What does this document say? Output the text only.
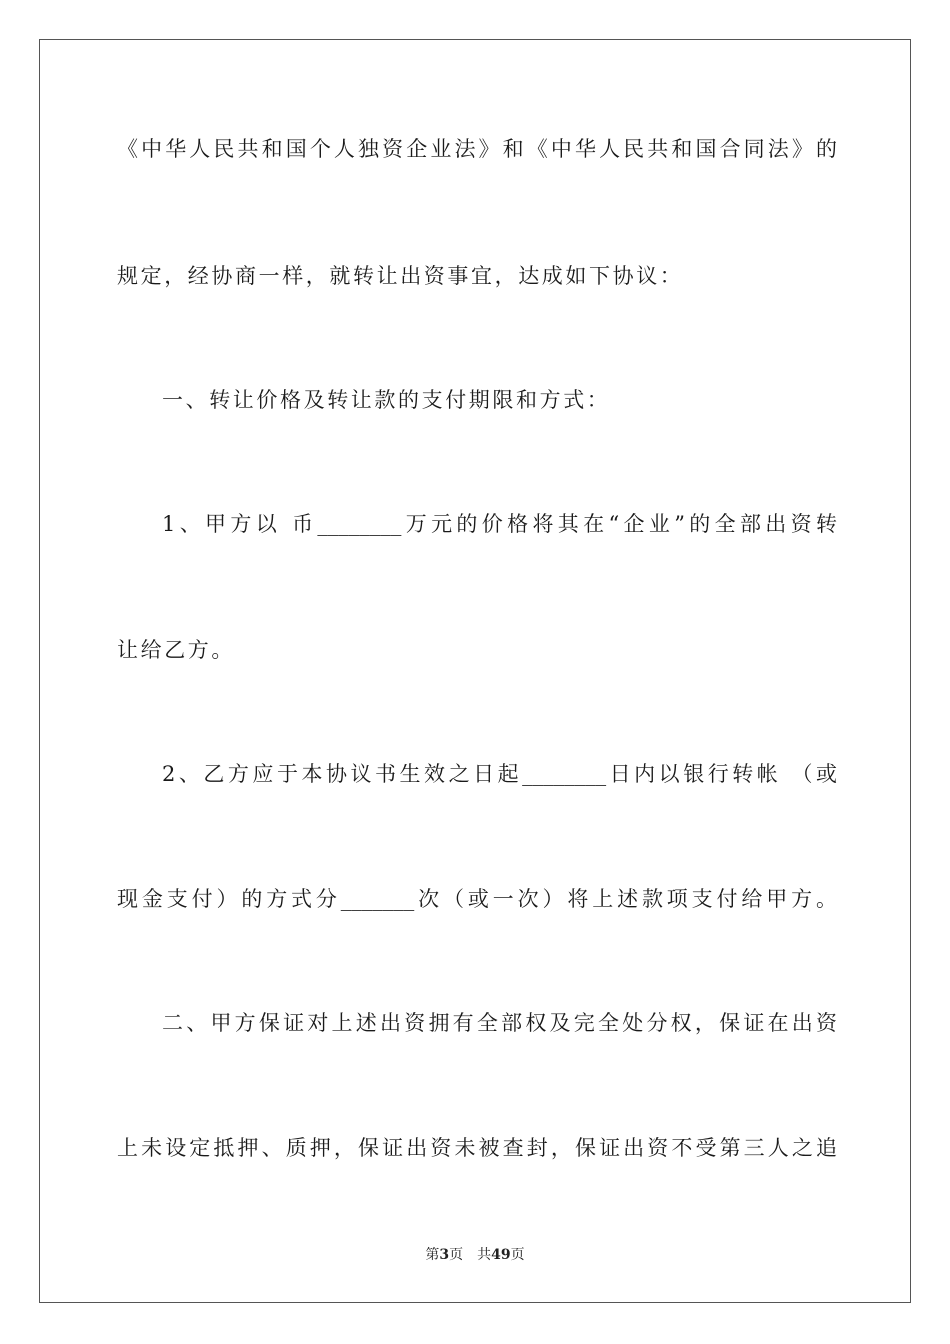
《中华人民共和国个人独资企业法》和《中华人民共和国合同法》的
规定，经协商一样，就转让出资事宜，达成如下协议：
一、转让价格及转让款的支付期限和方式：
1、甲方以 币________万元的价格将其在“企业”的全部出资转
让给乙方。
2、乙方应于本协议书生效之日起________日内以银行转帐 （或
现金支付）的方式分_______次（或一次）将上述款项支付给甲方。
二、甲方保证对上述出资拥有全部权及完全处分权，保证在出资
上未设定抵押、质押，保证出资未被查封，保证出资不受第三人之追
第3页 共49页
